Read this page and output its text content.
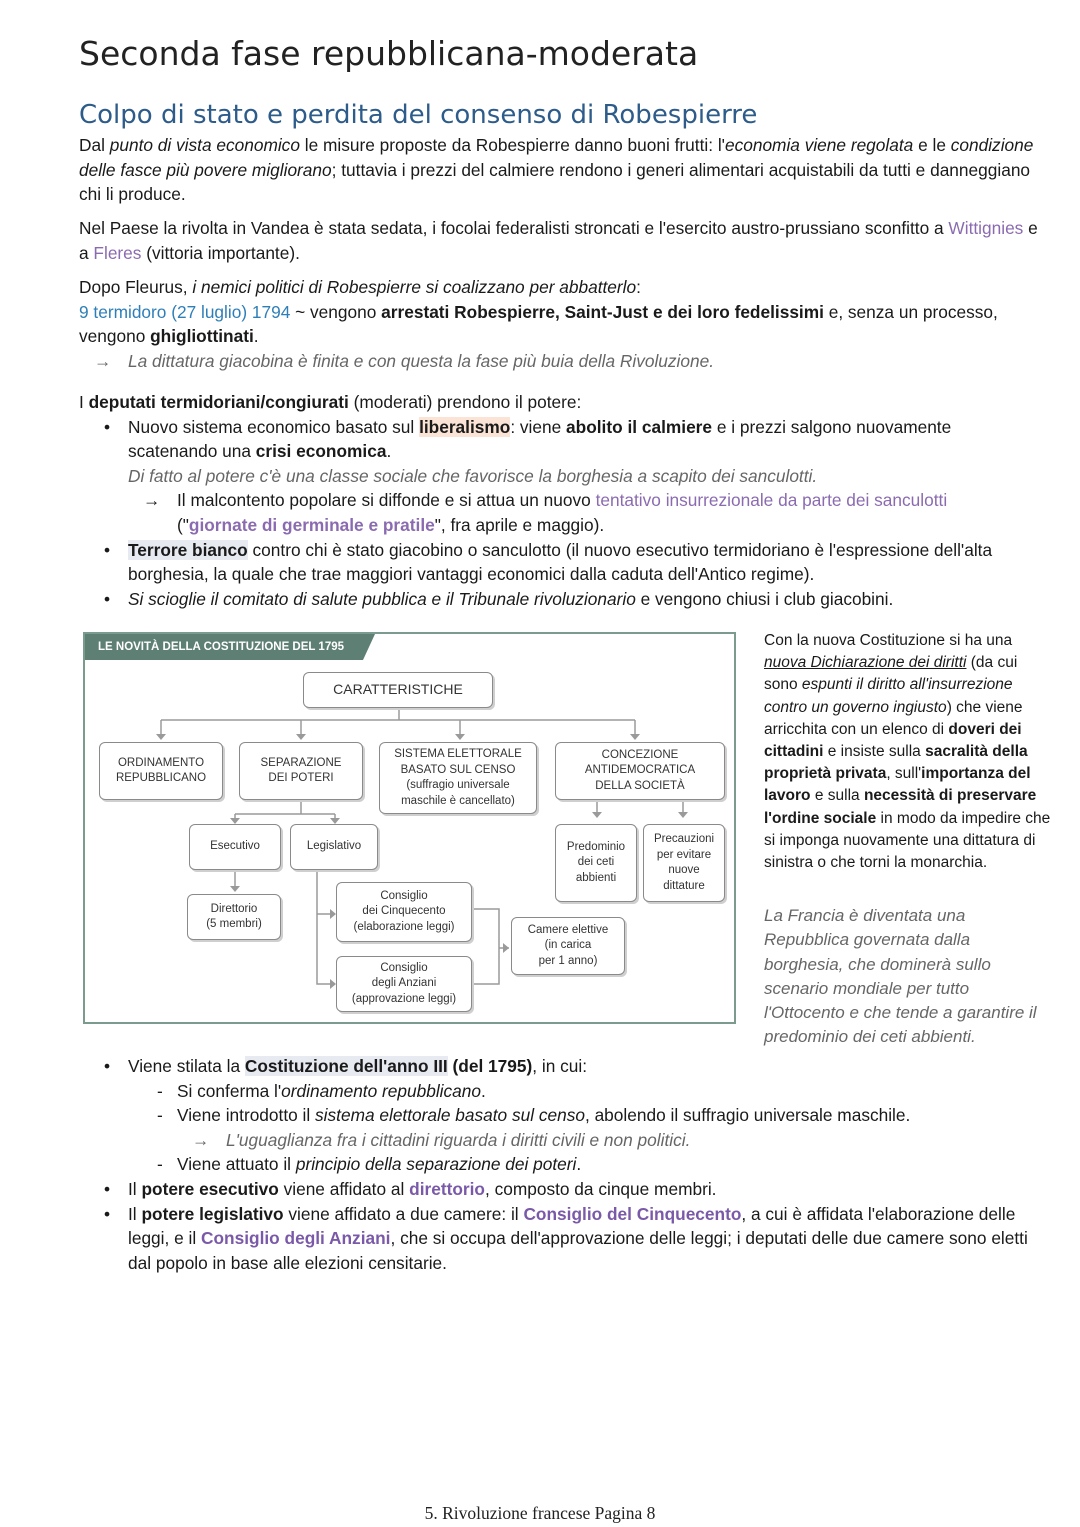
Seconda fase repubblicana-moderata
Colpo di stato e perdita del consenso di Robespierre

Dal punto di vista economico le misure proposte da Robespierre danno buoni frutti: l'economia viene regolata e le condizione delle fasce più povere migliorano; tuttavia i prezzi del calmiere rendono i generi alimentari acquistabili da tutti e danneggiano chi li produce.

Nel Paese la rivolta in Vandea è stata sedata, i focolai federalisti stroncati e l'esercito austro-prussiano sconfitto a Wittignies e a Fleres (vittoria importante).

Dopo Fleurus, i nemici politici di Robespierre si coalizzano per abbatterlo:
9 termidoro (27 luglio) 1794 ~ vengono arrestati Robespierre, Saint-Just e dei loro fedelissimi e, senza un processo, vengono ghigliottinati.
→ La dittatura giacobina è finita e con questa la fase più buia della Rivoluzione.
I deputati termidoriani/congiurati (moderati) prendono il potere:
• Nuovo sistema economico basato sul liberalismo: viene abolito il calmiere e i prezzi salgono nuovamente scatenando una crisi economica.
Di fatto al potere c'è una classe sociale che favorisce la borghesia a scapito dei sanculotti.
→ Il malcontento popolare si diffonde e si attua un nuovo tentativo insurrezionale da parte dei sanculotti
("giornate di germinale e pratile", fra aprile e maggio).
• Terrore bianco contro chi è stato giacobino o sanculotto (il nuovo esecutivo termidoriano è l'espressione dell'alta borghesia, la quale che trae maggiori vantaggi economici dalla caduta dell'Antico regime).
• Si scioglie il comitato di salute pubblica e il Tribunale rivoluzionario e vengono chiusi i club giacobini.
LE NOVITÀ DELLA COSTITUZIONE DEL 1795
CARATTERISTICHE
ORDINAMENTO
REPUBBLICANO
SEPARAZIONE
DEI POTERI
SISTEMA ELETTORALE
BASATO SUL CENSO
(suffragio universale
maschile è cancellato)
CONCEZIONE
ANTIDEMOCRATICA
DELLA SOCIETÀ
Esecutivo	Legislativo	Predominio
dei ceti
abbienti
Precauzioni
per evitare
nuove
dittature
Direttorio
(5 membri)
Consiglio
dei Cinquecento
(elaborazione leggi)
Consiglio
degli Anziani
(approvazione leggi)
Camere elettive
(in carica
per 1 anno)

Con la nuova Costituzione si ha una nuova Dichiarazione dei diritti (da cui sono espunti il diritto all'insurrezione contro un governo ingiusto) che viene arricchita con un elenco di doveri dei cittadini e insiste sulla sacralità della proprietà privata, sull'importanza del lavoro e sulla necessità di preservare l'ordine sociale in modo da impedire che si imponga nuovamente una dittatura di sinistra o che torni la monarchia.

La Francia è diventata una Repubblica governata dalla borghesia, che dominerà sullo scenario mondiale per tutto l'Ottocento e che tende a garantire il predominio dei ceti abbienti.

• Viene stilata la Costituzione dell'anno III (del 1795), in cui:
- Si conferma l'ordinamento repubblicano.
- Viene introdotto il sistema elettorale basato sul censo, abolendo il suffragio universale maschile.
→ L'uguaglianza fra i cittadini riguarda i diritti civili e non politici.
- Viene attuato il principio della separazione dei poteri.
• Il potere esecutivo viene affidato al direttorio, composto da cinque membri.
• Il potere legislativo viene affidato a due camere: il Consiglio del Cinquecento, a cui è affidata l'elaborazione delle leggi, e il Consiglio degli Anziani, che si occupa dell'approvazione delle leggi; i deputati delle due camere sono eletti dal popolo in base alle elezioni censitarie.
5. Rivoluzione francese Pagina 8
